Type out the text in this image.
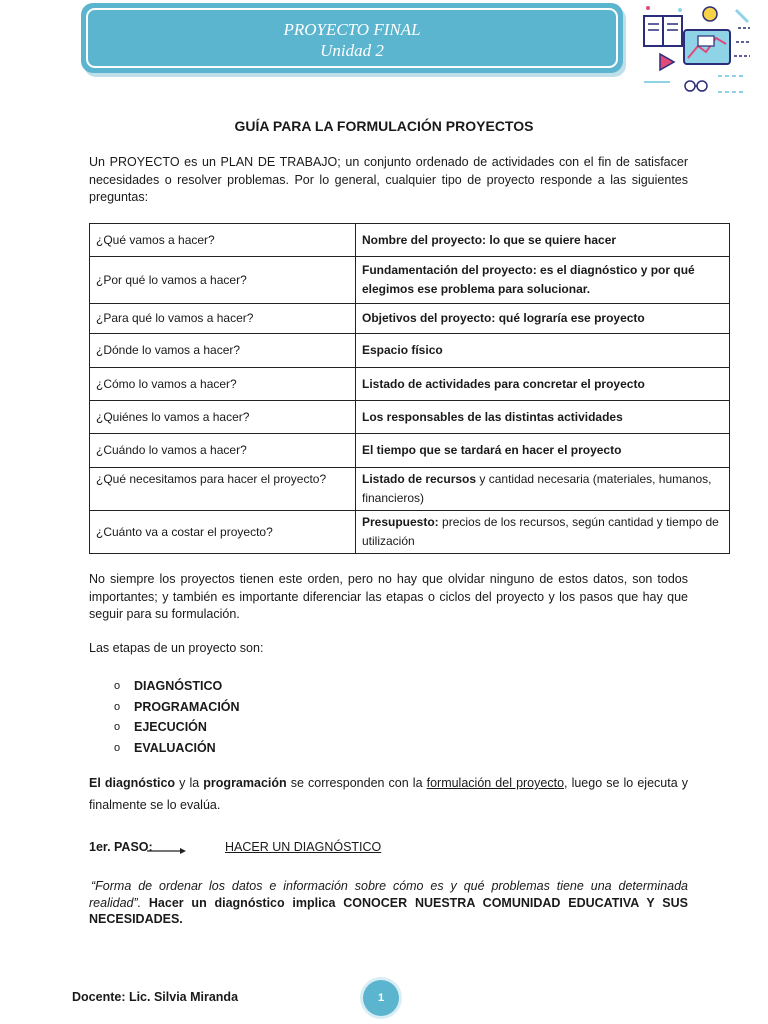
PROYECTO FINAL
Unidad 2
GUÍA PARA LA FORMULACIÓN PROYECTOS
Un PROYECTO es un PLAN DE TRABAJO; un conjunto ordenado de actividades con el fin de satisfacer necesidades o resolver problemas. Por lo general, cualquier tipo de proyecto responde a las siguientes preguntas:
¿Qué vamos a hacer?	Nombre del proyecto: lo que se quiere hacer
¿Por qué lo vamos a hacer?	Fundamentación del proyecto: es el diagnóstico y por qué elegimos ese problema para solucionar.
¿Para qué lo vamos a hacer?	Objetivos del proyecto: qué lograría ese proyecto
¿Dónde lo vamos a hacer?	Espacio físico
¿Cómo lo vamos a hacer?	Listado de actividades para concretar el proyecto
¿Quiénes lo vamos a hacer?	Los responsables de las distintas actividades
¿Cuándo lo vamos a hacer?	El tiempo que se tardará en hacer el proyecto
¿Qué necesitamos para hacer el proyecto?	Listado de recursos y cantidad necesaria (materiales, humanos, financieros)
¿Cuánto va a costar el proyecto?	Presupuesto: precios de los recursos, según cantidad y tiempo de utilización
No siempre los proyectos tienen este orden, pero no hay que olvidar ninguno de estos datos, son todos importantes; y también es importante diferenciar las etapas o ciclos del proyecto y los pasos que hay que seguir para su formulación.
Las etapas de un proyecto son:
o DIAGNÓSTICO
o PROGRAMACIÓN
o EJECUCIÓN
o EVALUACIÓN
El diagnóstico y la programación se corresponden con la formulación del proyecto, luego se lo ejecuta y finalmente se lo evalúa.
1er. PASO:	HACER UN DIAGNÓSTICO
“Forma de ordenar los datos e información sobre cómo es y qué problemas tiene una determinada realidad”. Hacer un diagnóstico implica CONOCER NUESTRA COMUNIDAD EDUCATIVA Y SUS NECESIDADES.
Docente: Lic. Silvia Miranda	1
